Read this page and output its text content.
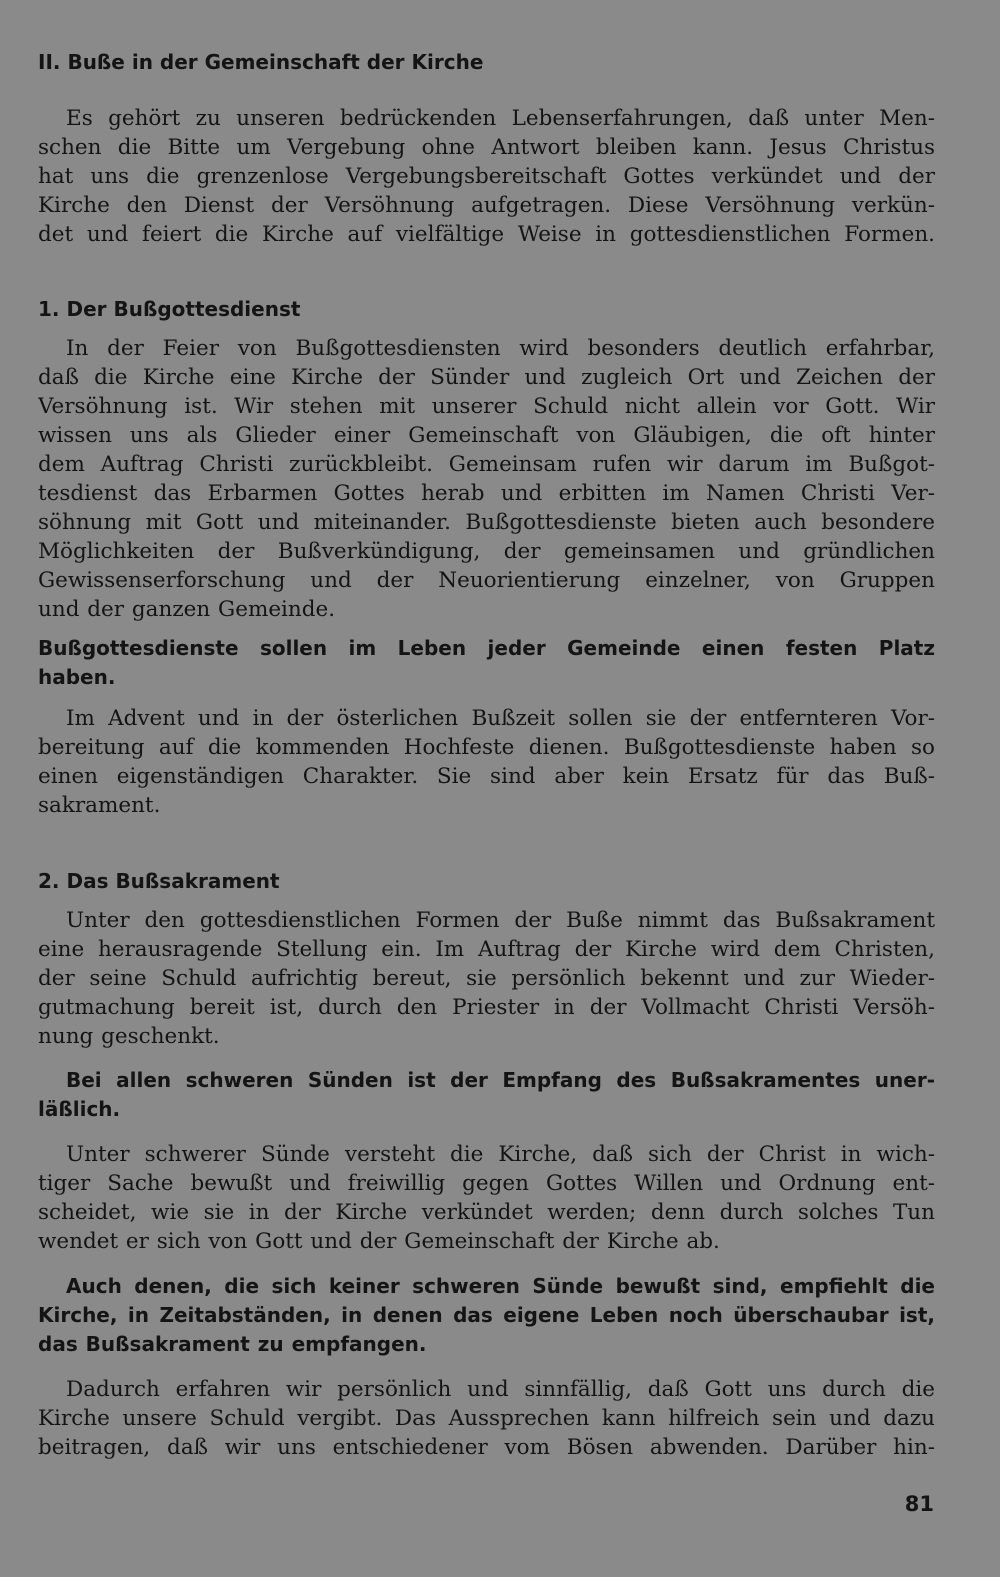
II. Buße in der Gemeinschaft der Kirche
Es gehört zu unseren bedrückenden Lebenserfahrungen, daß unter Men-
schen die Bitte um Vergebung ohne Antwort bleiben kann. Jesus Christus
hat uns die grenzenlose Vergebungsbereitschaft Gottes verkündet und der
Kirche den Dienst der Versöhnung aufgetragen. Diese Versöhnung verkün-
det und feiert die Kirche auf vielfältige Weise in gottesdienstlichen Formen.
1. Der Bußgottesdienst
In der Feier von Bußgottesdiensten wird besonders deutlich erfahrbar,
daß die Kirche eine Kirche der Sünder und zugleich Ort und Zeichen der
Versöhnung ist. Wir stehen mit unserer Schuld nicht allein vor Gott. Wir
wissen uns als Glieder einer Gemeinschaft von Gläubigen, die oft hinter
dem Auftrag Christi zurückbleibt. Gemeinsam rufen wir darum im Bußgot-
tesdienst das Erbarmen Gottes herab und erbitten im Namen Christi Ver-
söhnung mit Gott und miteinander. Bußgottesdienste bieten auch besondere
Möglichkeiten der Bußverkündigung, der gemeinsamen und gründlichen
Gewissenserforschung und der Neuorientierung einzelner, von Gruppen
und der ganzen Gemeinde.
Bußgottesdienste sollen im Leben jeder Gemeinde einen festen Platz
haben.
Im Advent und in der österlichen Bußzeit sollen sie der entfernteren Vor-
bereitung auf die kommenden Hochfeste dienen. Bußgottesdienste haben so
einen eigenständigen Charakter. Sie sind aber kein Ersatz für das Buß-
sakrament.
2. Das Bußsakrament
Unter den gottesdienstlichen Formen der Buße nimmt das Bußsakrament
eine herausragende Stellung ein. Im Auftrag der Kirche wird dem Christen,
der seine Schuld aufrichtig bereut, sie persönlich bekennt und zur Wieder-
gutmachung bereit ist, durch den Priester in der Vollmacht Christi Versöh-
nung geschenkt.
Bei allen schweren Sünden ist der Empfang des Bußsakramentes uner-
läßlich.
Unter schwerer Sünde versteht die Kirche, daß sich der Christ in wich-
tiger Sache bewußt und freiwillig gegen Gottes Willen und Ordnung ent-
scheidet, wie sie in der Kirche verkündet werden; denn durch solches Tun
wendet er sich von Gott und der Gemeinschaft der Kirche ab.
Auch denen, die sich keiner schweren Sünde bewußt sind, empfiehlt die
Kirche, in Zeitabständen, in denen das eigene Leben noch überschaubar ist,
das Bußsakrament zu empfangen.
Dadurch erfahren wir persönlich und sinnfällig, daß Gott uns durch die
Kirche unsere Schuld vergibt. Das Aussprechen kann hilfreich sein und dazu
beitragen, daß wir uns entschiedener vom Bösen abwenden. Darüber hin-
81
